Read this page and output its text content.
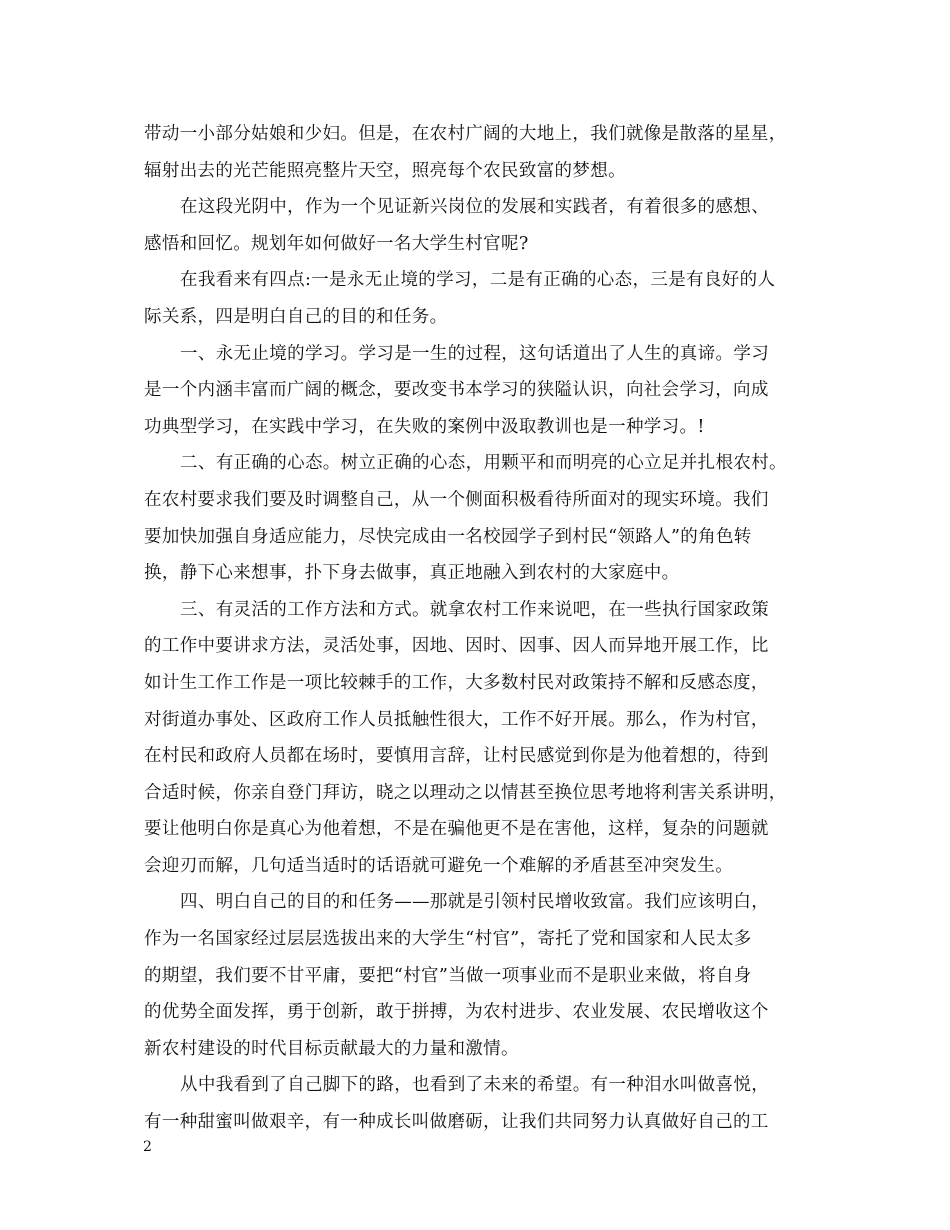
带动一小部分姑娘和少妇。但是，在农村广阔的大地上，我们就像是散落的星星，
辐射出去的光芒能照亮整片天空，照亮每个农民致富的梦想。
在这段光阴中，作为一个见证新兴岗位的发展和实践者，有着很多的感想、
感悟和回忆。规划年如何做好一名大学生村官呢?
在我看来有四点:一是永无止境的学习，二是有正确的心态，三是有良好的人
际关系，四是明白自己的目的和任务。
一、永无止境的学习。学习是一生的过程，这句话道出了人生的真谛。学习
是一个内涵丰富而广阔的概念，要改变书本学习的狭隘认识，向社会学习，向成
功典型学习，在实践中学习，在失败的案例中汲取教训也是一种学习。!
二、有正确的心态。树立正确的心态，用颗平和而明亮的心立足并扎根农村。
在农村要求我们要及时调整自己，从一个侧面积极看待所面对的现实环境。我们
要加快加强自身适应能力，尽快完成由一名校园学子到村民“领路人”的角色转
换，静下心来想事，扑下身去做事，真正地融入到农村的大家庭中。
三、有灵活的工作方法和方式。就拿农村工作来说吧，在一些执行国家政策
的工作中要讲求方法，灵活处事，因地、因时、因事、因人而异地开展工作，比
如计生工作工作是一项比较棘手的工作，大多数村民对政策持不解和反感态度，
对街道办事处、区政府工作人员抵触性很大，工作不好开展。那么，作为村官，
在村民和政府人员都在场时，要慎用言辞，让村民感觉到你是为他着想的，待到
合适时候，你亲自登门拜访，晓之以理动之以情甚至换位思考地将利害关系讲明，
要让他明白你是真心为他着想，不是在骗他更不是在害他，这样，复杂的问题就
会迎刃而解，几句适当适时的话语就可避免一个难解的矛盾甚至冲突发生。
四、明白自己的目的和任务——那就是引领村民增收致富。我们应该明白，
作为一名国家经过层层选拔出来的大学生“村官”，寄托了党和国家和人民太多
的期望，我们要不甘平庸，要把“村官”当做一项事业而不是职业来做，将自身
的优势全面发挥，勇于创新，敢于拼搏，为农村进步、农业发展、农民增收这个
新农村建设的时代目标贡献最大的力量和激情。
从中我看到了自己脚下的路，也看到了未来的希望。有一种泪水叫做喜悦，
有一种甜蜜叫做艰辛，有一种成长叫做磨砺，让我们共同努力认真做好自己的工
2
